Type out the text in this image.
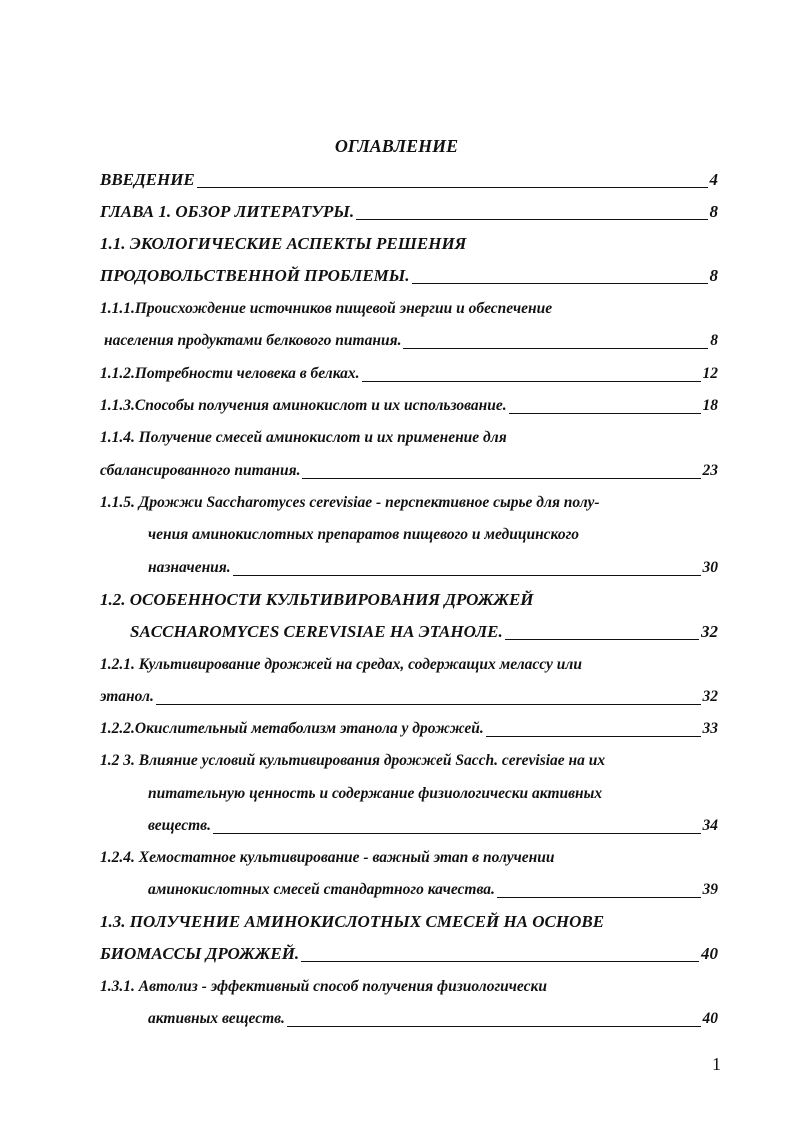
ОГЛАВЛЕНИЕ
ВВЕДЕНИЕ	4
ГЛАВА 1. ОБЗОР ЛИТЕРАТУРЫ.	8
1.1. ЭКОЛОГИЧЕСКИЕ АСПЕКТЫ РЕШЕНИЯ
ПРОДОВОЛЬСТВЕННОЙ ПРОБЛЕМЫ.	8
1.1.1.Происхождение источников пищевой энергии и обеспечение
населения продуктами белкового питания.	8
1.1.2.Потребности человека в белках.	12
1.1.3.Способы получения аминокислот и их использование.	18
1.1.4. Получение смесей аминокислот и их применение для
сбалансированного питания.	23
1.1.5. Дрожжи Saccharomyces cerevisiae - перспективное сырье для полу-
чения аминокислотных препаратов пищевого и медицинского
назначения.	30
1.2. ОСОБЕННОСТИ КУЛЬТИВИРОВАНИЯ ДРОЖЖЕЙ
SACCHAROMYCES CEREVISIAE НА ЭТАНОЛЕ.	32
1.2.1. Культивирование дрожжей на средах, содержащих мелассу или
этанол.	32
1.2.2.Окислительный метаболизм этанола у дрожжей.	33
1.2 3. Влияние условий культивирования дрожжей Sacch. cerevisiae на их
питательную ценность и содержание физиологически активных
веществ.	34
1.2.4. Хемостатное культивирование - важный этап в получении
аминокислотных смесей стандартного качества.	39
1.3. ПОЛУЧЕНИЕ АМИНОКИСЛОТНЫХ СМЕСЕЙ НА ОСНОВЕ
БИОМАССЫ ДРОЖЖЕЙ.	40
1.3.1. Автолиз - эффективный способ получения физиологически
активных веществ.	40
1
